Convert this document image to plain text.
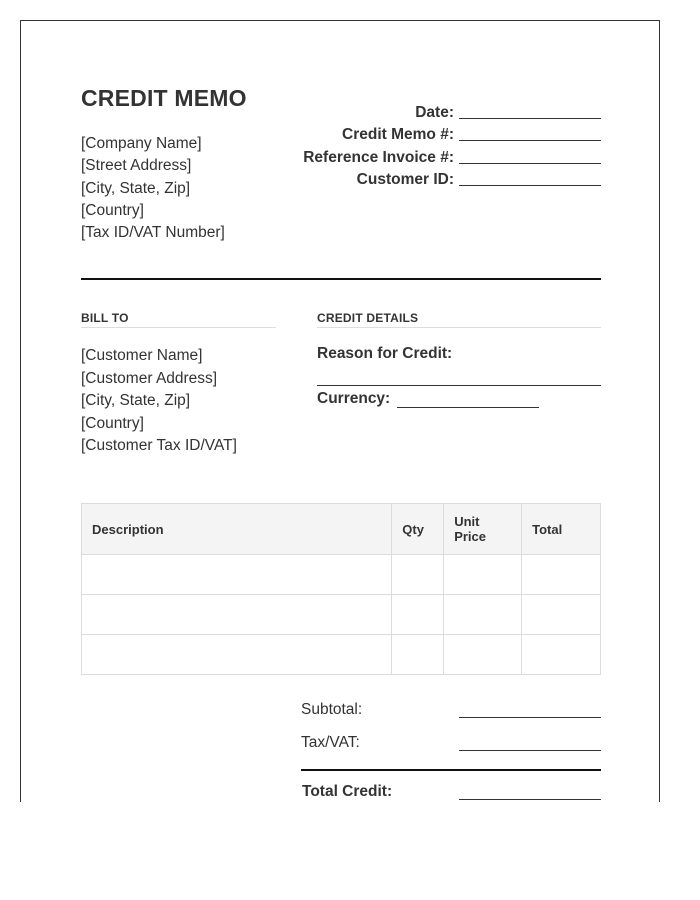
CREDIT MEMO
[Company Name]
[Street Address]
[City, State, Zip]
[Country]
[Tax ID/VAT Number]
Date:
Credit Memo #:
Reference Invoice #:
Customer ID:
BILL TO
[Customer Name]
[Customer Address]
[City, State, Zip]
[Country]
[Customer Tax ID/VAT]
CREDIT DETAILS
Reason for Credit:
Currency:
Description	Qty	Unit Price	Total

Subtotal:
Tax/VAT:
Total Credit:
